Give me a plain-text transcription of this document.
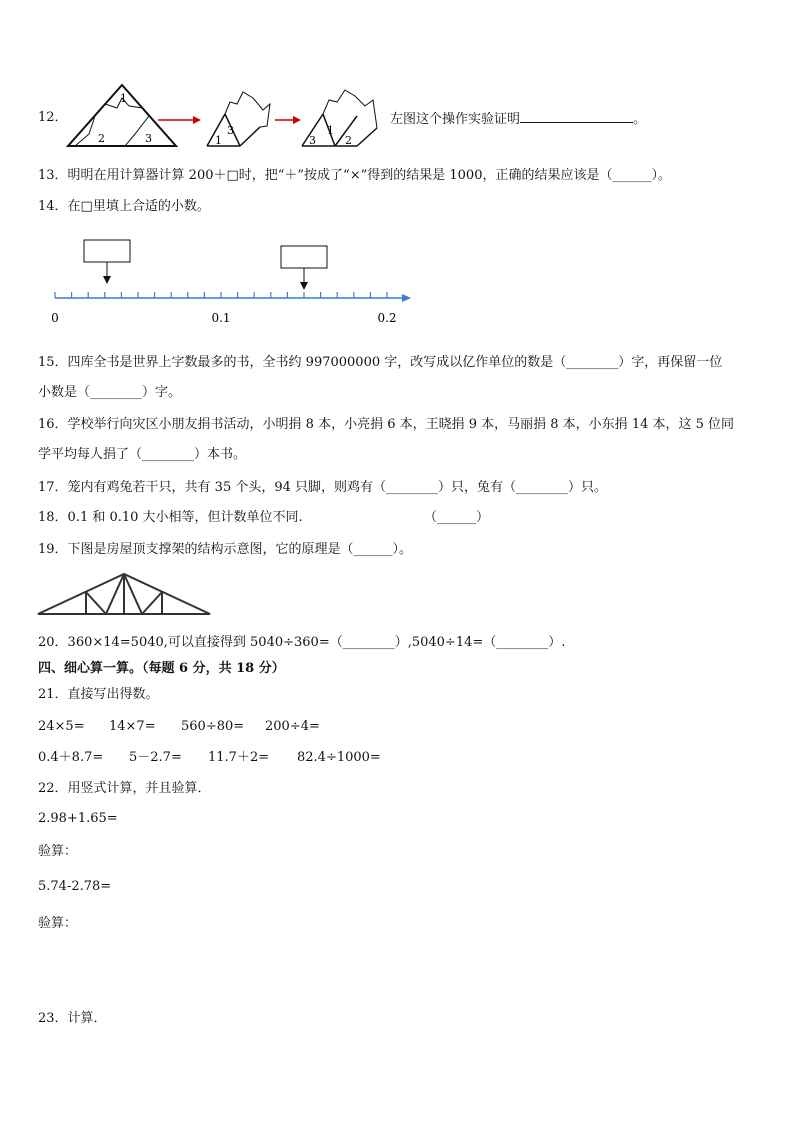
12．
1
2	3	1
3
3
1
2
左图这个操作实验证明	。
13．明明在用计算器计算 200＋□时，把“＋”按成了“×”得到的结果是 1000，正确的结果应该是（______）。
14．在□里填上合适的小数。
0	0.1	0.2
15．四库全书是世界上字数最多的书，全书约 997000000 字，改写成以亿作单位的数是（________）字，再保留一位
小数是（________）字。
16．学校举行向灾区小朋友捐书活动，小明捐 8 本，小亮捐 6 本，王晓捐 9 本，马丽捐 8 本，小东捐 14 本，这 5 位同
学平均每人捐了（________）本书。
17．笼内有鸡兔若干只，共有 35 个头，94 只脚，则鸡有（________）只，兔有（________）只。
18．0.1 和 0.10 大小相等，但计数单位不同.	（______）
19．下图是房屋顶支撑架的结构示意图，它的原理是（______）。
20．360×14=5040,可以直接得到 5040÷360=（________）,5040÷14=（________）.
四、细心算一算。（每题 6 分，共 18 分）
21．直接写出得数。
24×5= 14×7= 560÷80= 200÷4=
0.4＋8.7= 5－2.7= 11.7＋2= 82.4÷1000=
22．用竖式计算，并且验算．
2.98+1.65=
验算：
5.74-2.78=
验算：
23．计算．
